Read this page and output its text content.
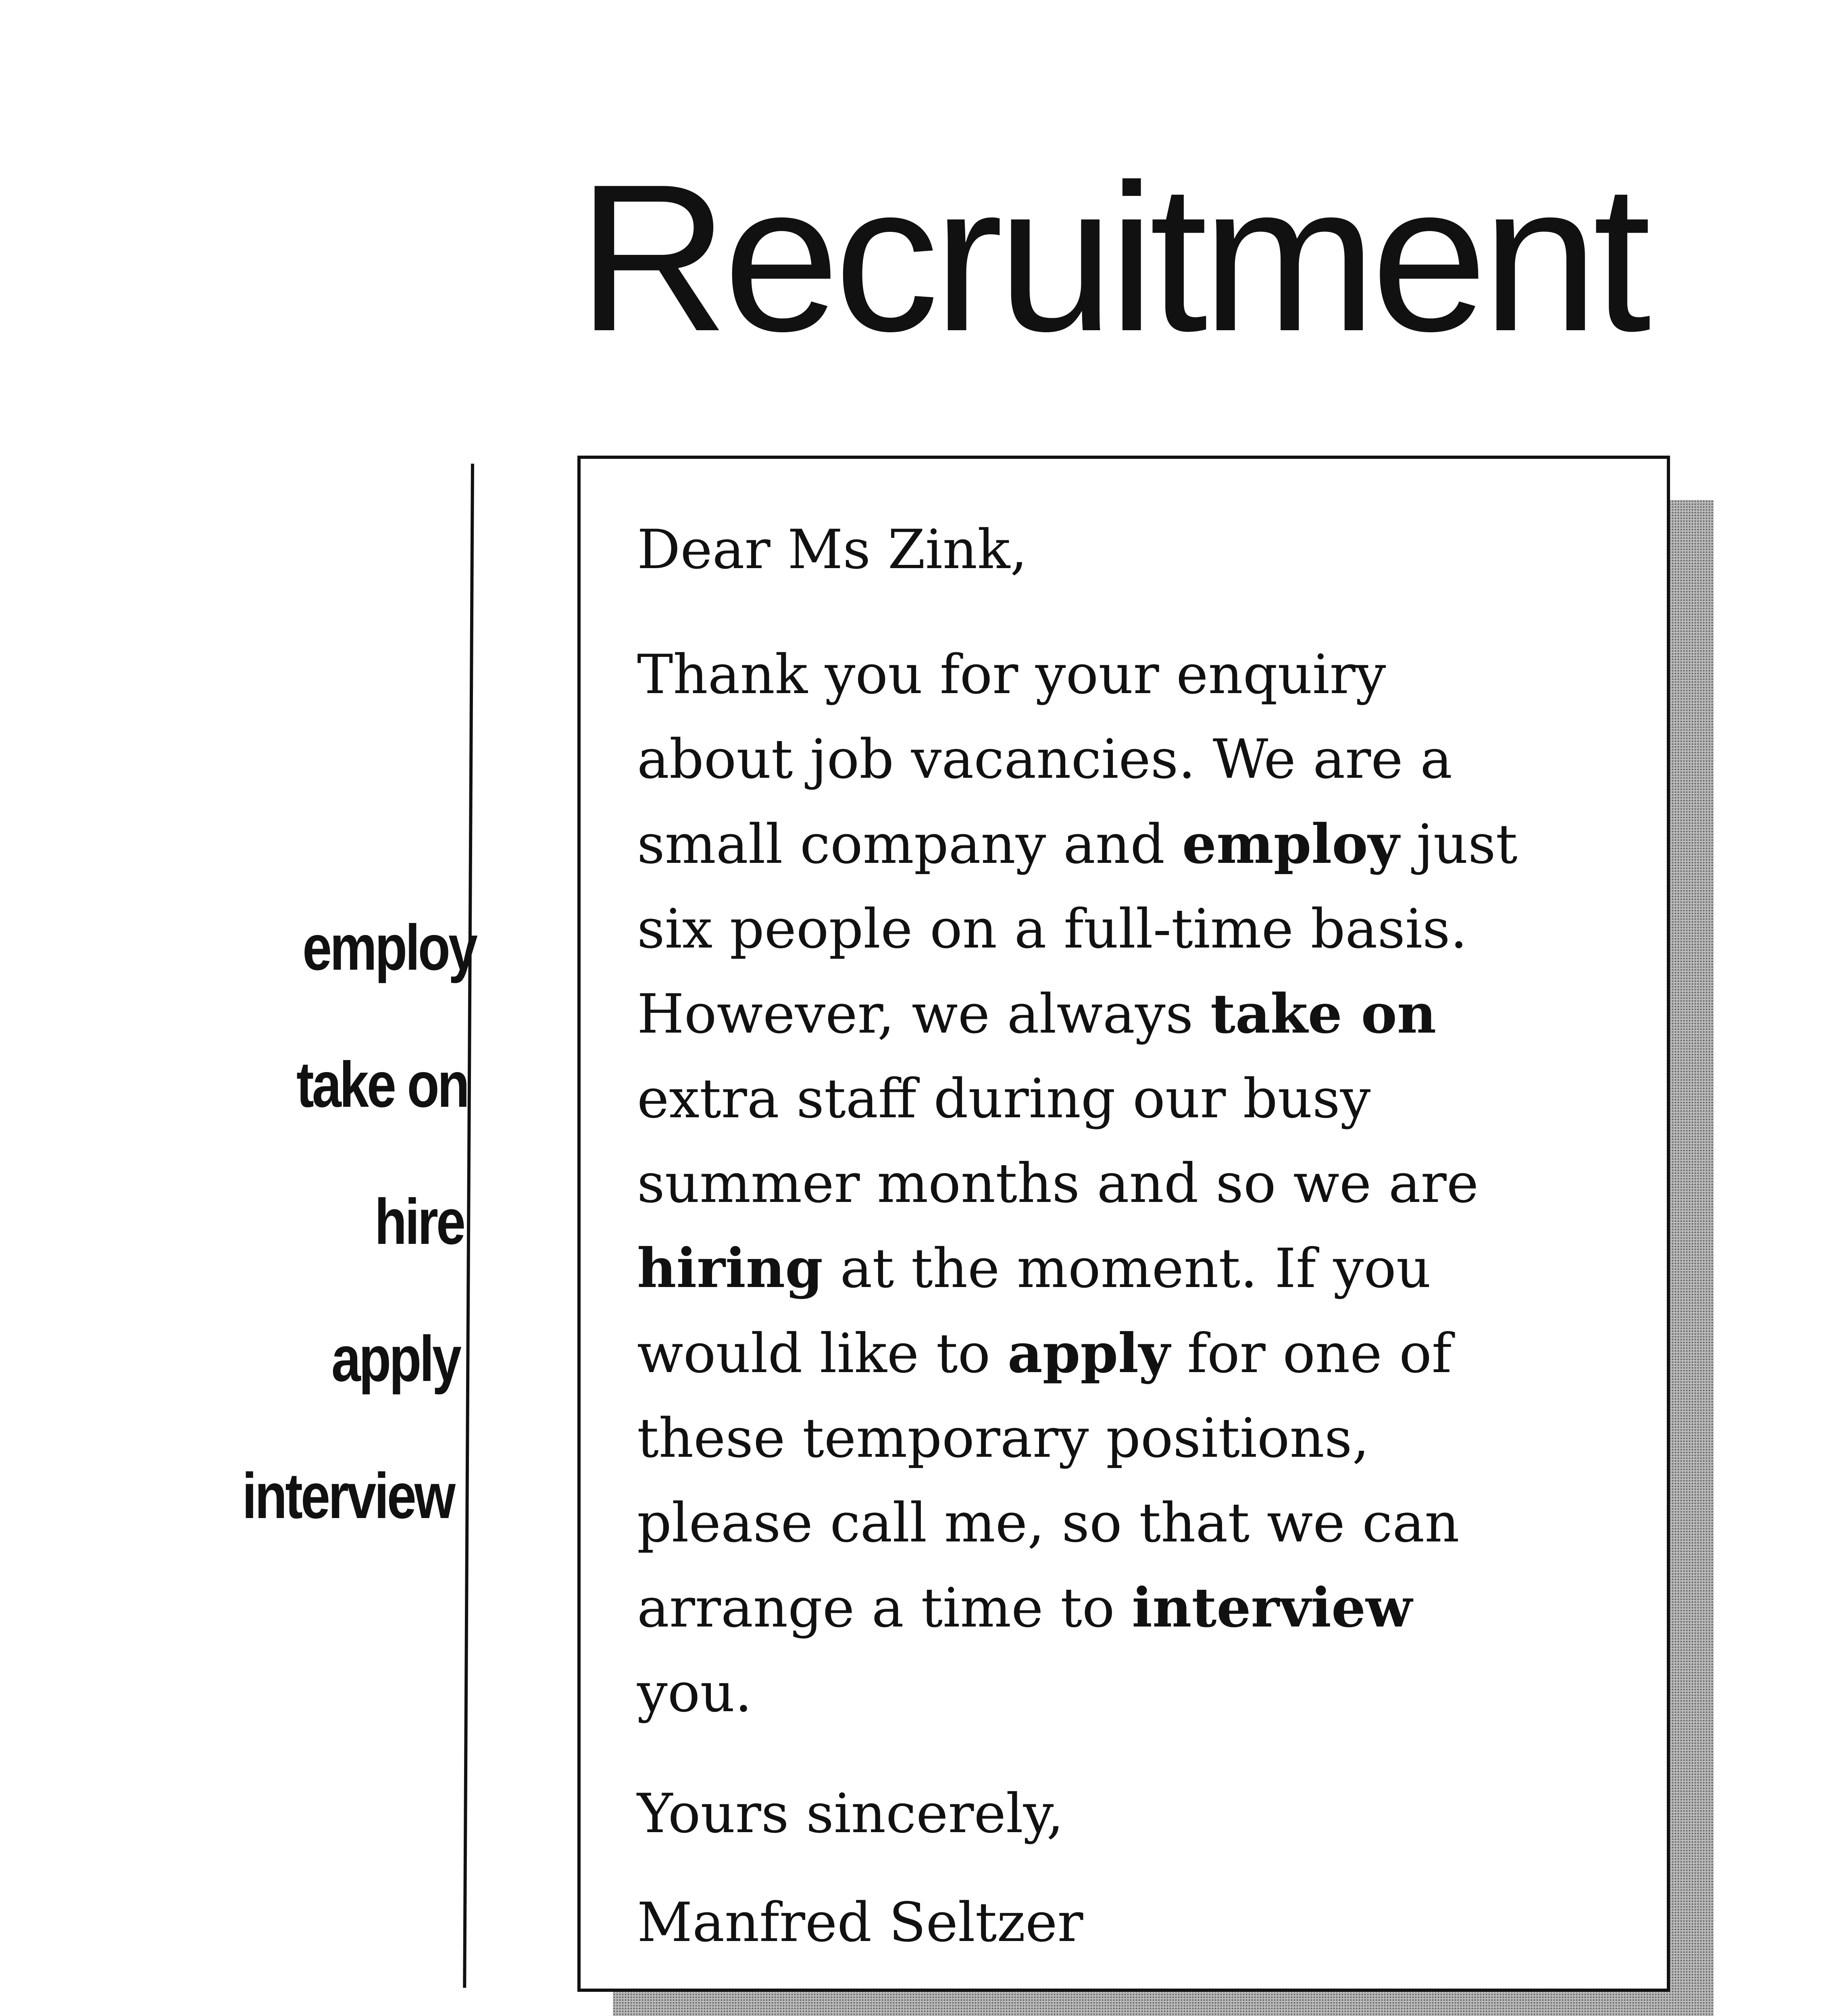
Recruitment
employ
take on
hire
apply
interview
Dear Ms Zink,
Thank you for your enquiry
about job vacancies. We are a
small company and employ just
six people on a full-time basis.
However, we always take on
extra staff during our busy
summer months and so we are
hiring at the moment. If you
would like to apply for one of
these temporary positions,
please call me, so that we can
arrange a time to interview
you.
Yours sincerely,
Manfred Seltzer
